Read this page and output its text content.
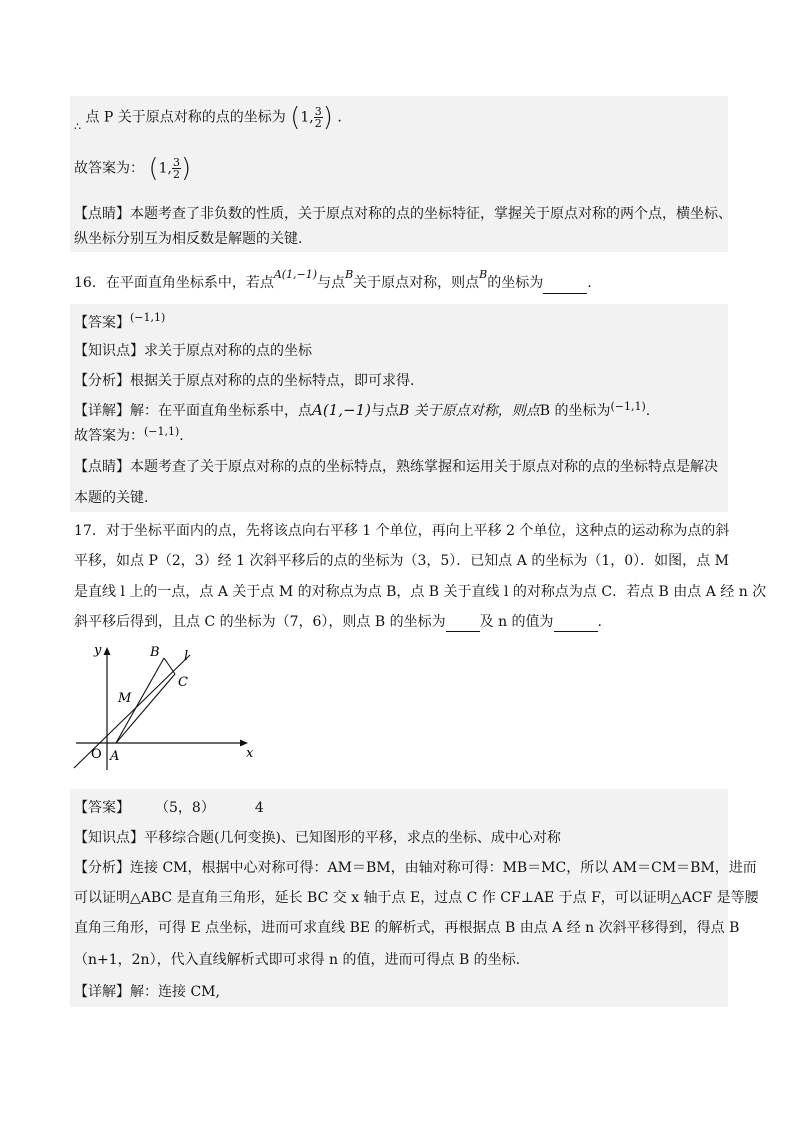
$_\therefore$ 点 P 关于原点对称的点的坐标为 (1, $\frac{3}{2}$ ) .
故答案为： (1, $\frac{3}{2}$ )
【点睛】本题考查了非负数的性质，关于原点对称的点的坐标特征，掌握关于原点对称的两个点，横坐标、
纵坐标分别互为相反数是解题的关键.
16．在平面直角坐标系中，若点$^{A(1,-1)}$与点$^B$关于原点对称，则点$^B$的坐标为	.
【答案】$^{(-1,1)}$
【知识点】求关于原点对称的点的坐标
【分析】根据关于原点对称的点的坐标特点，即可求得.
【详解】解：在平面直角坐标系中，点A(1,−1)与点B 关于原点对称，则点B 的坐标为$^{(-1,1)}$.
故答案为：$^{(-1,1)}$.
【点睛】本题考查了关于原点对称的点的坐标特点，熟练掌握和运用关于原点对称的点的坐标特点是解决
本题的关键.
17．对于坐标平面内的点，先将该点向右平移 1 个单位，再向上平移 2 个单位，这种点的运动称为点的斜
平移，如点 P（2，3）经 1 次斜平移后的点的坐标为（3，5）．已知点 A 的坐标为（1，0）．如图，点 M
是直线 l 上的一点，点 A 关于点 M 的对称点为点 B，点 B 关于直线 l 的对称点为点 C．若点 B 由点 A 经 n 次
斜平移后得到，且点 C 的坐标为（7，6），则点 B 的坐标为 及 n 的值为	.
y
x
O A
M
B
C
l
【答案】 （5，8）	4
【知识点】平移综合题(几何变换)、已知图形的平移，求点的坐标、成中心对称
【分析】连接 CM，根据中心对称可得：AM＝BM，由轴对称可得：MB＝MC，所以 AM＝CM＝BM，进而
可以证明△ABC 是直角三角形，延长 BC 交 x 轴于点 E，过点 C 作 CF⊥AE 于点 F，可以证明△ACF 是等腰
直角三角形，可得 E 点坐标，进而可求直线 BE 的解析式，再根据点 B 由点 A 经 n 次斜平移得到，得点 B
（n+1，2n），代入直线解析式即可求得 n 的值，进而可得点 B 的坐标.
【详解】解：连接 CM,
